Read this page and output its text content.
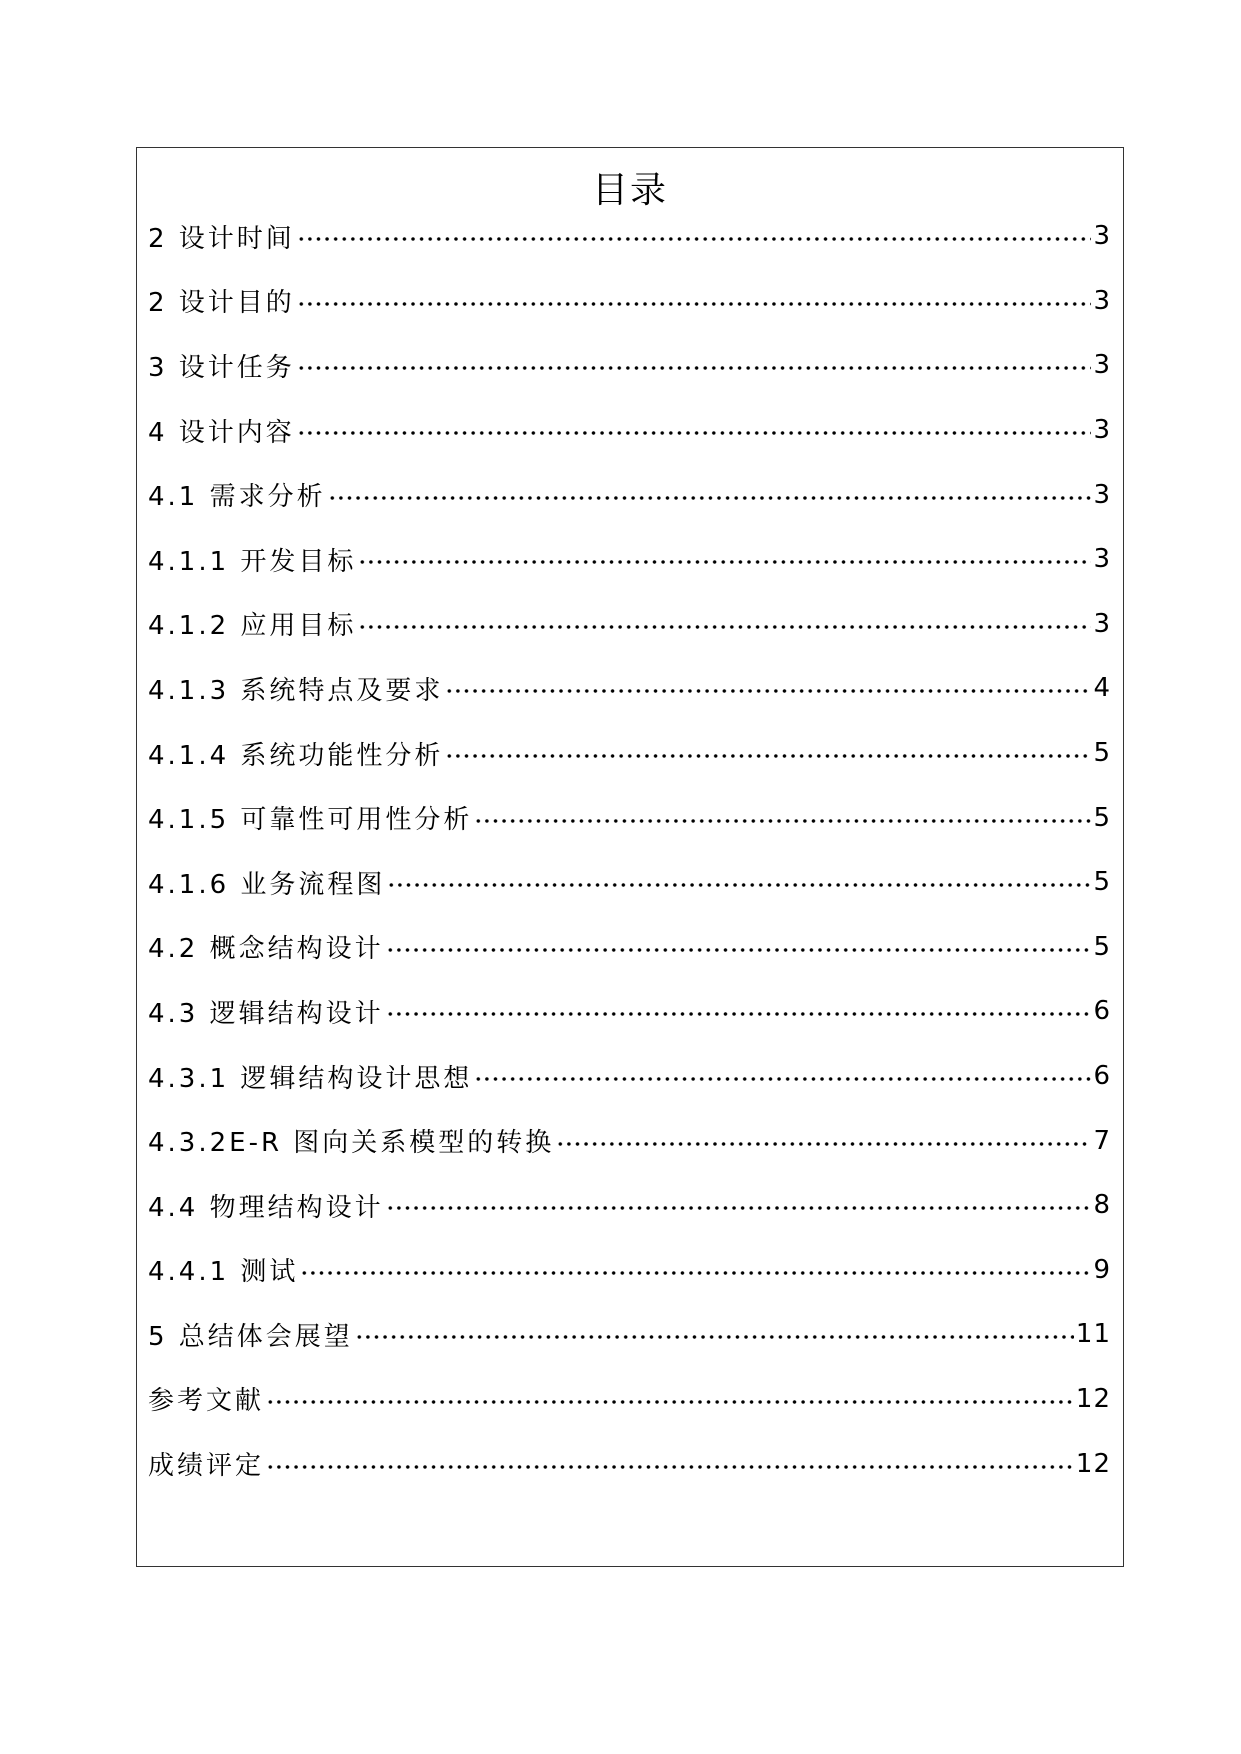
目录
2 设计时间	3
2 设计目的	3
3 设计任务	3
4 设计内容	3
4.1 需求分析	3
4.1.1 开发目标	3
4.1.2 应用目标	3
4.1.3 系统特点及要求	4
4.1.4 系统功能性分析	5
4.1.5 可靠性可用性分析	5
4.1.6 业务流程图	5
4.2 概念结构设计	5
4.3 逻辑结构设计	6
4.3.1 逻辑结构设计思想	6
4.3.2E-R 图向关系模型的转换	7
4.4 物理结构设计	8
4.4.1 测试	9
5 总结体会展望	11
参考文献	12
成绩评定	12
